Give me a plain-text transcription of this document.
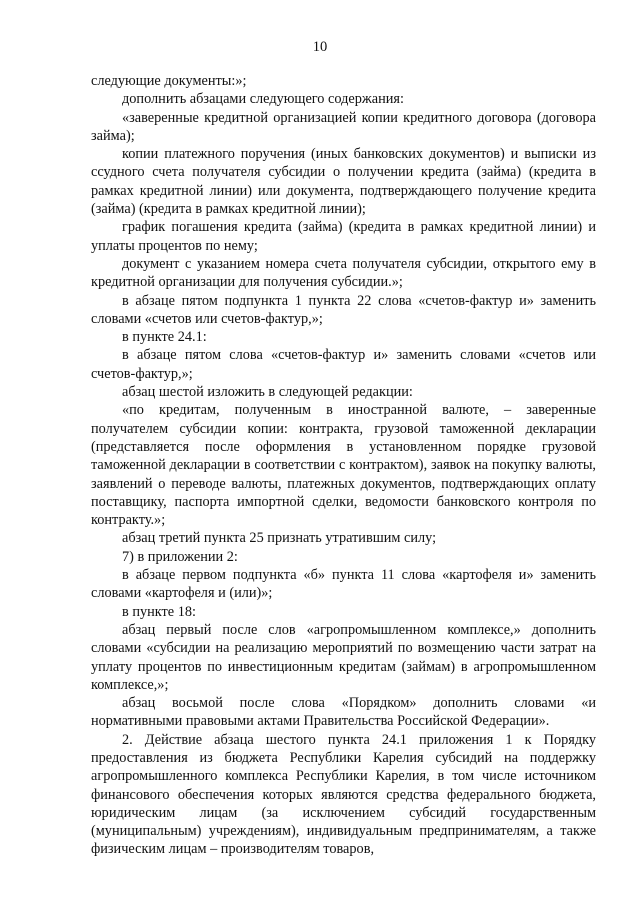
10

следующие документы:»;

дополнить абзацами следующего содержания:

«заверенные кредитной организацией копии кредитного договора (договора займа);

копии платежного поручения (иных банковских документов) и выписки из ссудного счета получателя субсидии о получении кредита (займа) (кредита в рамках кредитной линии) или документа, подтверждающего получение кредита (займа) (кредита в рамках кредитной линии);

график погашения кредита (займа) (кредита в рамках кредитной линии) и уплаты процентов по нему;

документ с указанием номера счета получателя субсидии, открытого ему в кредитной организации для получения субсидии.»;

в абзаце пятом подпункта 1 пункта 22 слова «счетов-фактур и» заменить словами «счетов или счетов-фактур,»;

в пункте 24.1:

в абзаце пятом слова «счетов-фактур и» заменить словами «счетов или счетов-фактур,»;

абзац шестой изложить в следующей редакции:

«по кредитам, полученным в иностранной валюте, – заверенные получателем субсидии копии: контракта, грузовой таможенной декларации (представляется после оформления в установленном порядке грузовой таможенной декларации в соответствии с контрактом), заявок на покупку валюты, заявлений о переводе валюты, платежных документов, подтверждающих оплату поставщику, паспорта импортной сделки, ведомости банковского контроля по контракту.»;

абзац третий пункта 25 признать утратившим силу;

7) в приложении 2:

в абзаце первом подпункта «б» пункта 11 слова «картофеля и» заменить словами «картофеля и (или)»;

в пункте 18:

абзац первый после слов «агропромышленном комплексе,» дополнить словами «субсидии на реализацию мероприятий по возмещению части затрат на уплату процентов по инвестиционным кредитам (займам) в агропромышленном комплексе,»;

абзац восьмой после слова «Порядком» дополнить словами «и нормативными правовыми актами Правительства Российской Федерации».

2. Действие абзаца шестого пункта 24.1 приложения 1 к Порядку предоставления из бюджета Республики Карелия субсидий на поддержку агропромышленного комплекса Республики Карелия, в том числе источником финансового обеспечения которых являются средства федерального бюджета, юридическим лицам (за исключением субсидий государственным (муниципальным) учреждениям), индивидуальным предпринимателям, а также физическим лицам – производителям товаров,
